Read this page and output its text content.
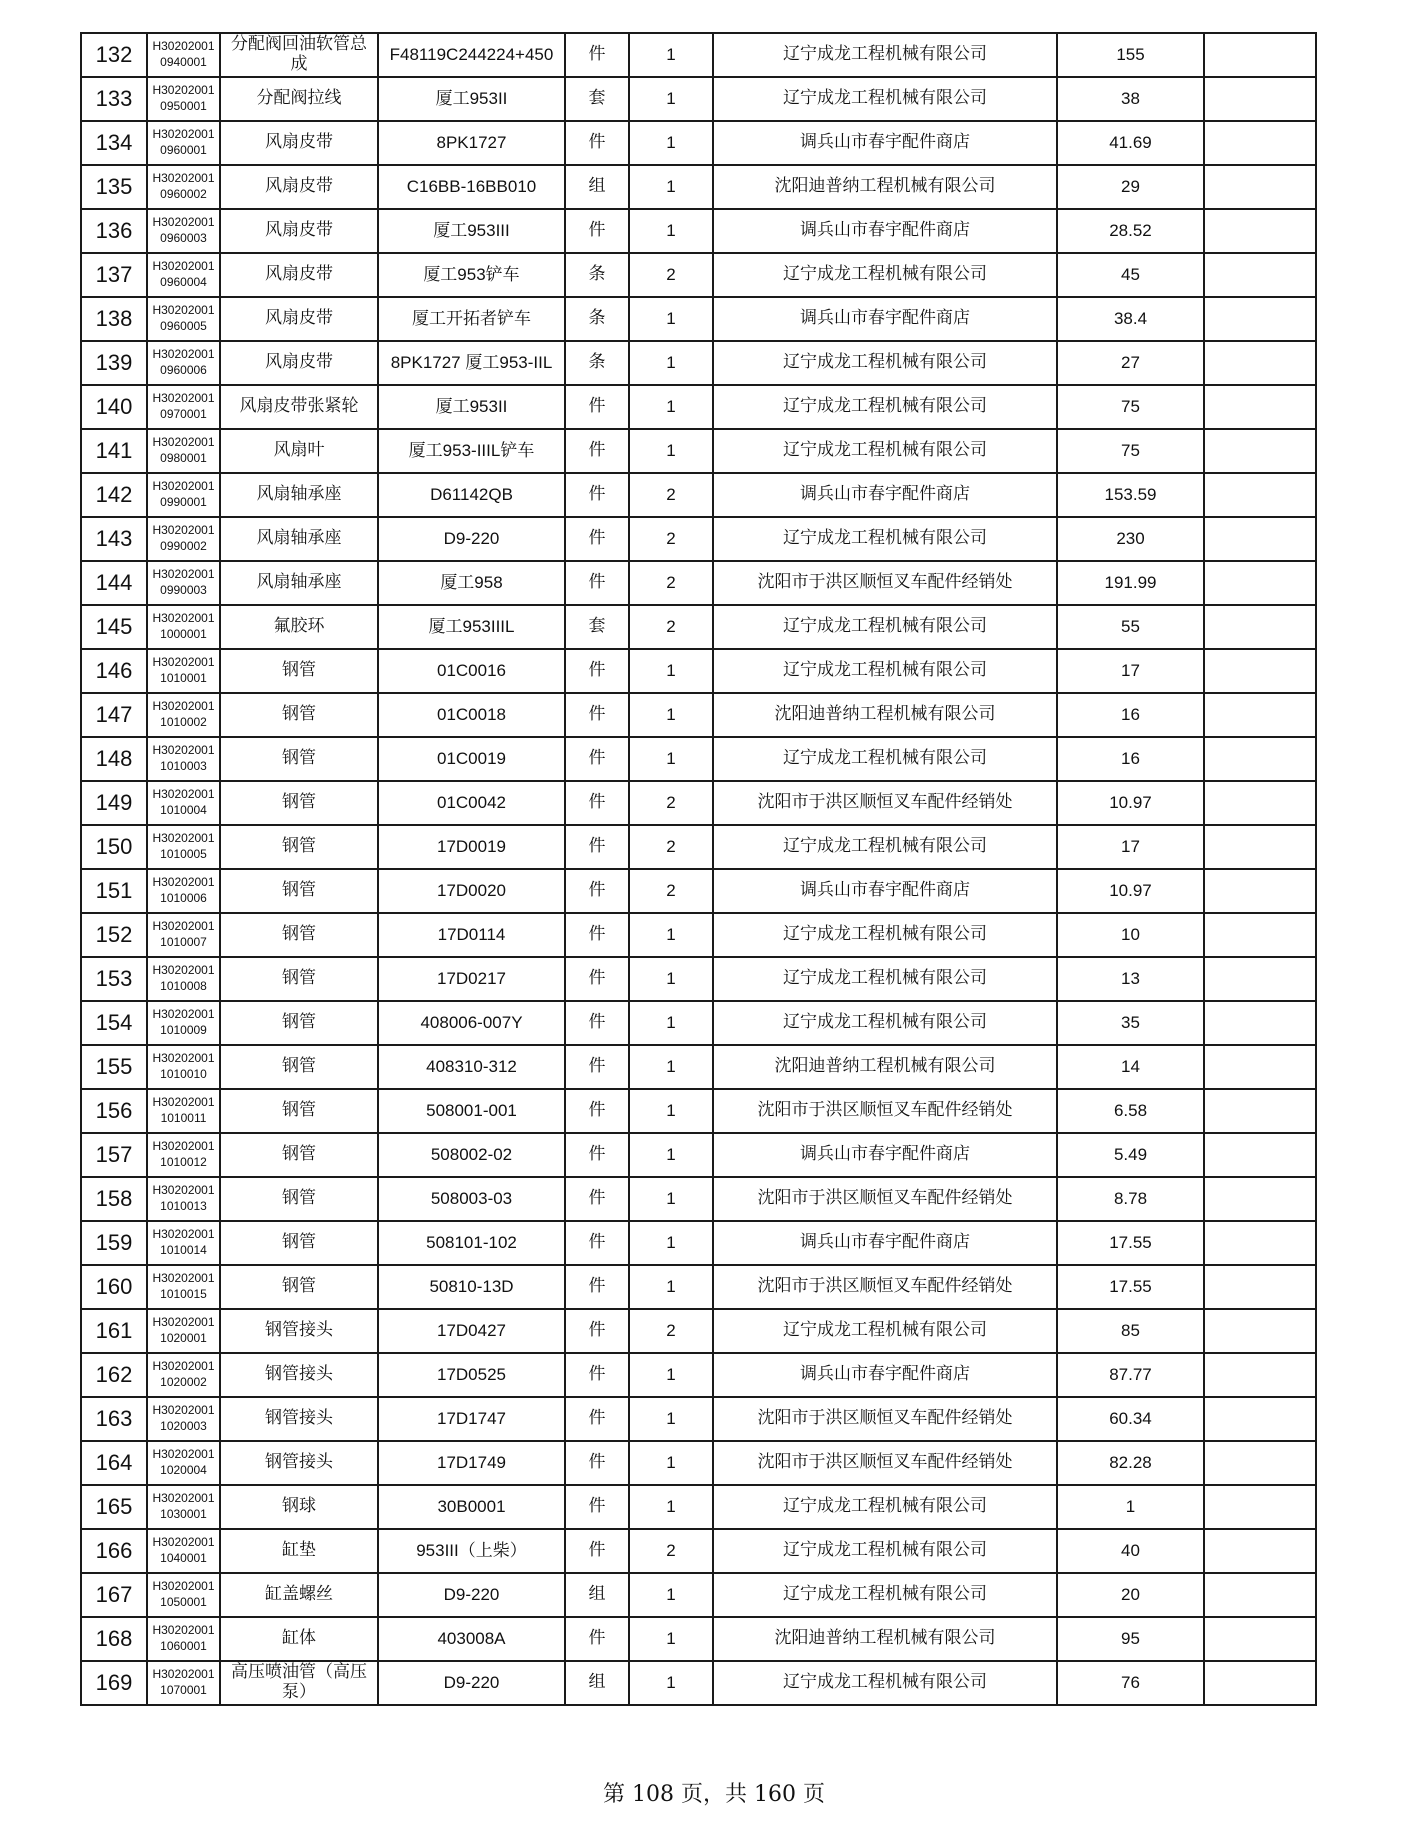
132	H302020010940001	分配阀回油软管总成	F48119C244224+450	件	1	辽宁成龙工程机械有限公司	155	
133	H302020010950001	分配阀拉线	厦工953II	套	1	辽宁成龙工程机械有限公司	38	
134	H302020010960001	风扇皮带	8PK1727	件	1	调兵山市春宇配件商店	41.69	
135	H302020010960002	风扇皮带	C16BB-16BB010	组	1	沈阳迪普纳工程机械有限公司	29	
136	H302020010960003	风扇皮带	厦工953III	件	1	调兵山市春宇配件商店	28.52	
137	H302020010960004	风扇皮带	厦工953铲车	条	2	辽宁成龙工程机械有限公司	45	
138	H302020010960005	风扇皮带	厦工开拓者铲车	条	1	调兵山市春宇配件商店	38.4	
139	H302020010960006	风扇皮带	8PK1727 厦工953-IIL	条	1	辽宁成龙工程机械有限公司	27	
140	H302020010970001	风扇皮带张紧轮	厦工953II	件	1	辽宁成龙工程机械有限公司	75	
141	H302020010980001	风扇叶	厦工953-IIIL铲车	件	1	辽宁成龙工程机械有限公司	75	
142	H302020010990001	风扇轴承座	D61142QB	件	2	调兵山市春宇配件商店	153.59	
143	H302020010990002	风扇轴承座	D9-220	件	2	辽宁成龙工程机械有限公司	230	
144	H302020010990003	风扇轴承座	厦工958	件	2	沈阳市于洪区顺恒叉车配件经销处	191.99	
145	H302020011000001	氟胶环	厦工953IIIL	套	2	辽宁成龙工程机械有限公司	55	
146	H302020011010001	钢管	01C0016	件	1	辽宁成龙工程机械有限公司	17	
147	H302020011010002	钢管	01C0018	件	1	沈阳迪普纳工程机械有限公司	16	
148	H302020011010003	钢管	01C0019	件	1	辽宁成龙工程机械有限公司	16	
149	H302020011010004	钢管	01C0042	件	2	沈阳市于洪区顺恒叉车配件经销处	10.97	
150	H302020011010005	钢管	17D0019	件	2	辽宁成龙工程机械有限公司	17	
151	H302020011010006	钢管	17D0020	件	2	调兵山市春宇配件商店	10.97	
152	H302020011010007	钢管	17D0114	件	1	辽宁成龙工程机械有限公司	10	
153	H302020011010008	钢管	17D0217	件	1	辽宁成龙工程机械有限公司	13	
154	H302020011010009	钢管	408006-007Y	件	1	辽宁成龙工程机械有限公司	35	
155	H302020011010010	钢管	408310-312	件	1	沈阳迪普纳工程机械有限公司	14	
156	H302020011010011	钢管	508001-001	件	1	沈阳市于洪区顺恒叉车配件经销处	6.58	
157	H302020011010012	钢管	508002-02	件	1	调兵山市春宇配件商店	5.49	
158	H302020011010013	钢管	508003-03	件	1	沈阳市于洪区顺恒叉车配件经销处	8.78	
159	H302020011010014	钢管	508101-102	件	1	调兵山市春宇配件商店	17.55	
160	H302020011010015	钢管	50810-13D	件	1	沈阳市于洪区顺恒叉车配件经销处	17.55	
161	H302020011020001	钢管接头	17D0427	件	2	辽宁成龙工程机械有限公司	85	
162	H302020011020002	钢管接头	17D0525	件	1	调兵山市春宇配件商店	87.77	
163	H302020011020003	钢管接头	17D1747	件	1	沈阳市于洪区顺恒叉车配件经销处	60.34	
164	H302020011020004	钢管接头	17D1749	件	1	沈阳市于洪区顺恒叉车配件经销处	82.28	
165	H302020011030001	钢球	30B0001	件	1	辽宁成龙工程机械有限公司	1	
166	H302020011040001	缸垫	953III（上柴）	件	2	辽宁成龙工程机械有限公司	40	
167	H302020011050001	缸盖螺丝	D9-220	组	1	辽宁成龙工程机械有限公司	20	
168	H302020011060001	缸体	403008A	件	1	沈阳迪普纳工程机械有限公司	95	
169	H302020011070001	高压喷油管（高压泵）	D9-220	组	1	辽宁成龙工程机械有限公司	76	
第 108 页，共 160 页
